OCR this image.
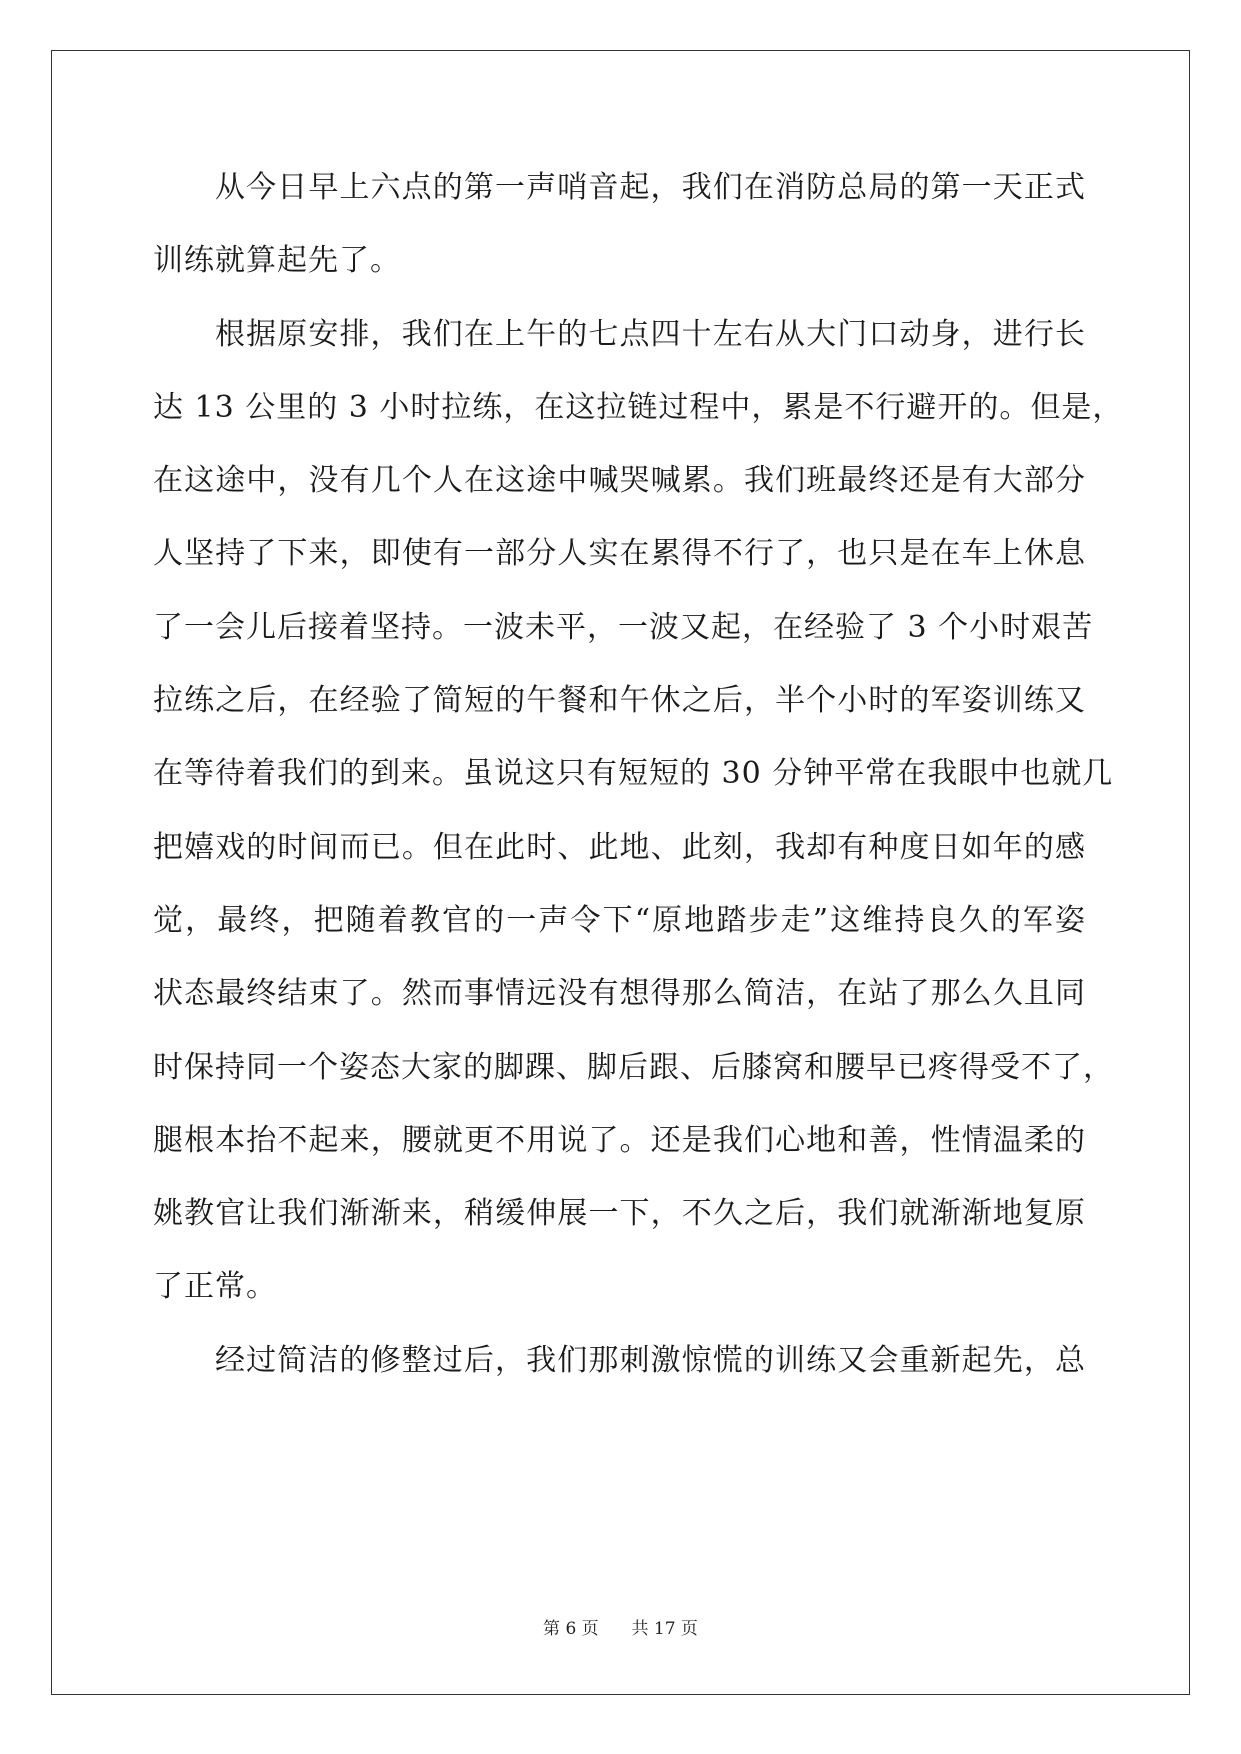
从今日早上六点的第一声哨音起，我们在消防总局的第一天正式
训练就算起先了。
根据原安排，我们在上午的七点四十左右从大门口动身，进行长
达 13 公里的 3 小时拉练，在这拉链过程中，累是不行避开的。但是，
在这途中，没有几个人在这途中喊哭喊累。我们班最终还是有大部分
人坚持了下来，即使有一部分人实在累得不行了，也只是在车上休息
了一会儿后接着坚持。一波未平，一波又起，在经验了 3 个小时艰苦
拉练之后，在经验了简短的午餐和午休之后，半个小时的军姿训练又
在等待着我们的到来。虽说这只有短短的 30 分钟平常在我眼中也就几
把嬉戏的时间而已。但在此时、此地、此刻，我却有种度日如年的感
觉，最终，把随着教官的一声令下“原地踏步走”这维持良久的军姿
状态最终结束了。然而事情远没有想得那么简洁，在站了那么久且同
时保持同一个姿态大家的脚踝、脚后跟、后膝窝和腰早已疼得受不了，
腿根本抬不起来，腰就更不用说了。还是我们心地和善，性情温柔的
姚教官让我们渐渐来，稍缓伸展一下，不久之后，我们就渐渐地复原
了正常。
经过简洁的修整过后，我们那刺激惊慌的训练又会重新起先，总
第 6 页 共 17 页
